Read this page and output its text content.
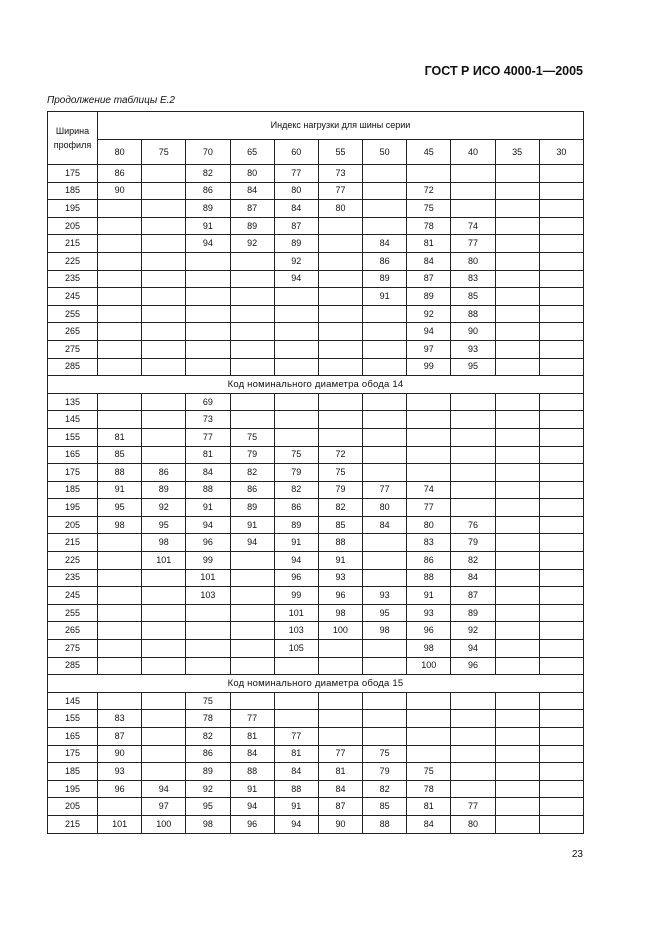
ГОСТ Р ИСО 4000-1—2005
Продолжение таблицы Е.2
Ширина
профиля	Индекс нагрузки для шины серии										
	80	75	70	65	60	55	50	45	40	35	30
175	86		82	80	77	73					
185	90		86	84	80	77		72			
195			89	87	84	80		75			
205			91	89	87			78	74		
215			94	92	89		84	81	77		
225					92		86	84	80		
235					94		89	87	83		
245							91	89	85		
255								92	88		
265								94	90		
275								97	93		
285								99	95		
Код номинального диаметра обода 14											
135			69								
145			73								
155	81		77	75							
165	85		81	79	75	72					
175	88	86	84	82	79	75					
185	91	89	88	86	82	79	77	74			
195	95	92	91	89	86	82	80	77			
205	98	95	94	91	89	85	84	80	76		
215		98	96	94	91	88		83	79		
225		101	99		94	91		86	82		
235			101		96	93		88	84		
245			103		99	96	93	91	87		
255					101	98	95	93	89		
265					103	100	98	96	92		
275					105			98	94		
285								100	96		
Код номинального диаметра обода 15											
145			75								
155	83		78	77							
165	87		82	81	77						
175	90		86	84	81	77	75				
185	93		89	88	84	81	79	75			
195	96	94	92	91	88	84	82	78			
205		97	95	94	91	87	85	81	77		
215	101	100	98	96	94	90	88	84	80		
23
